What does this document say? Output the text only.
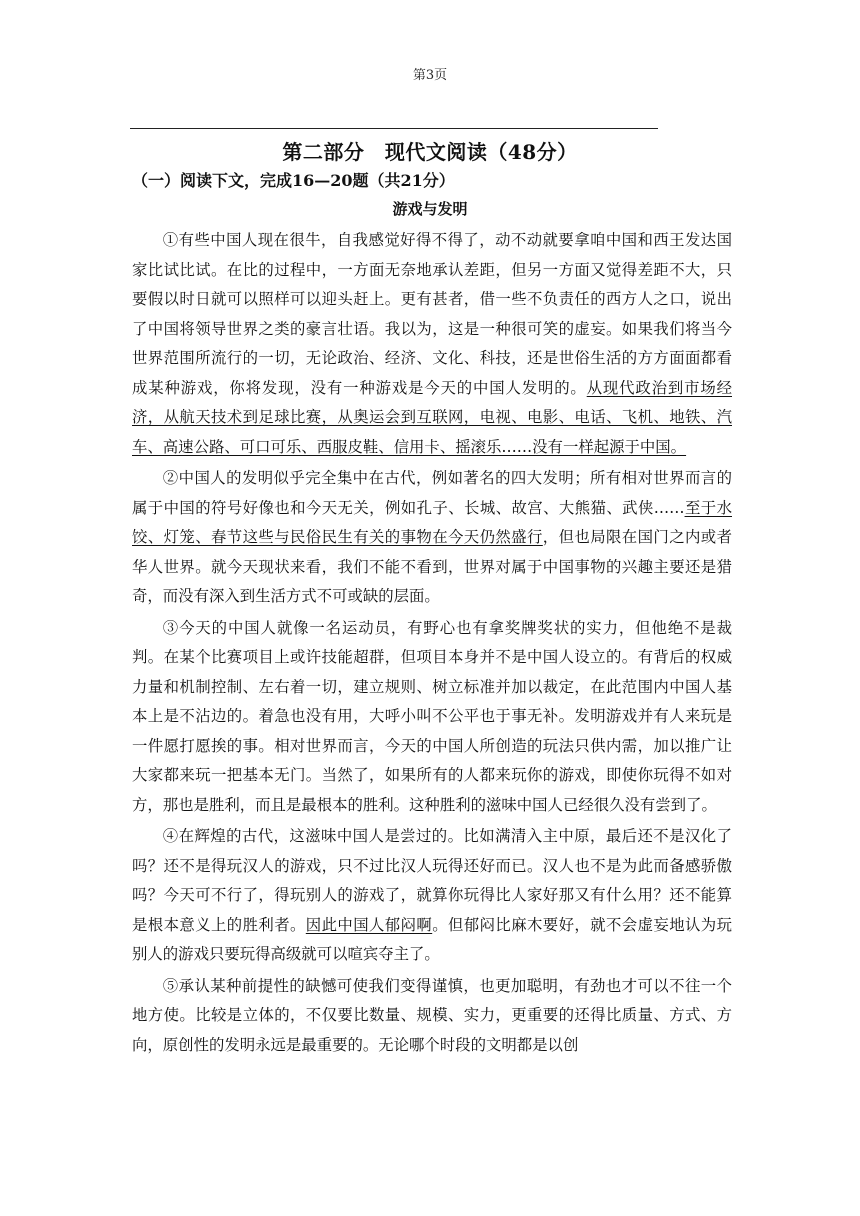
第3页
第二部分　现代文阅读（48分）
（一）阅读下文，完成16—20题（共21分）
游戏与发明

①有些中国人现在很牛，自我感觉好得不得了，动不动就要拿咱中国和西王发达国家比试比试。在比的过程中，一方面无奈地承认差距，但另一方面又觉得差距不大，只要假以时日就可以照样可以迎头赶上。更有甚者，借一些不负责任的西方人之口，说出了中国将领导世界之类的豪言壮语。我以为，这是一种很可笑的虚妄。如果我们将当今世界范围所流行的一切，无论政治、经济、文化、科技，还是世俗生活的方方面面都看成某种游戏，你将发现，没有一种游戏是今天的中国人发明的。从现代政治到市场经济，从航天技术到足球比赛，从奥运会到互联网，电视、电影、电话、飞机、地铁、汽车、高速公路、可口可乐、西服皮鞋、信用卡、摇滚乐……没有一样起源于中国。

②中国人的发明似乎完全集中在古代，例如著名的四大发明；所有相对世界而言的属于中国的符号好像也和今天无关，例如孔子、长城、故宫、大熊猫、武侠……至于水饺、灯笼、春节这些与民俗民生有关的事物在今天仍然盛行，但也局限在国门之内或者华人世界。就今天现状来看，我们不能不看到，世界对属于中国事物的兴趣主要还是猎奇，而没有深入到生活方式不可或缺的层面。

③今天的中国人就像一名运动员，有野心也有拿奖牌奖状的实力，但他绝不是裁判。在某个比赛项目上或许技能超群，但项目本身并不是中国人设立的。有背后的权威力量和机制控制、左右着一切，建立规则、树立标准并加以裁定，在此范围内中国人基本上是不沾边的。着急也没有用，大呼小叫不公平也于事无补。发明游戏并有人来玩是一件愿打愿挨的事。相对世界而言，今天的中国人所创造的玩法只供内需，加以推广让大家都来玩一把基本无门。当然了，如果所有的人都来玩你的游戏，即使你玩得不如对方，那也是胜利，而且是最根本的胜利。这种胜利的滋味中国人已经很久没有尝到了。

④在辉煌的古代，这滋味中国人是尝过的。比如满清入主中原，最后还不是汉化了吗？还不是得玩汉人的游戏，只不过比汉人玩得还好而已。汉人也不是为此而备感骄傲吗？今天可不行了，得玩别人的游戏了，就算你玩得比人家好那又有什么用？还不能算是根本意义上的胜利者。因此中国人郁闷啊。但郁闷比麻木要好，就不会虚妄地认为玩别人的游戏只要玩得高级就可以喧宾夺主了。

⑤承认某种前提性的缺憾可使我们变得谨慎，也更加聪明，有劲也才可以不往一个地方使。比较是立体的，不仅要比数量、规模、实力，更重要的还得比质量、方式、方向，原创性的发明永远是最重要的。无论哪个时段的文明都是以创
